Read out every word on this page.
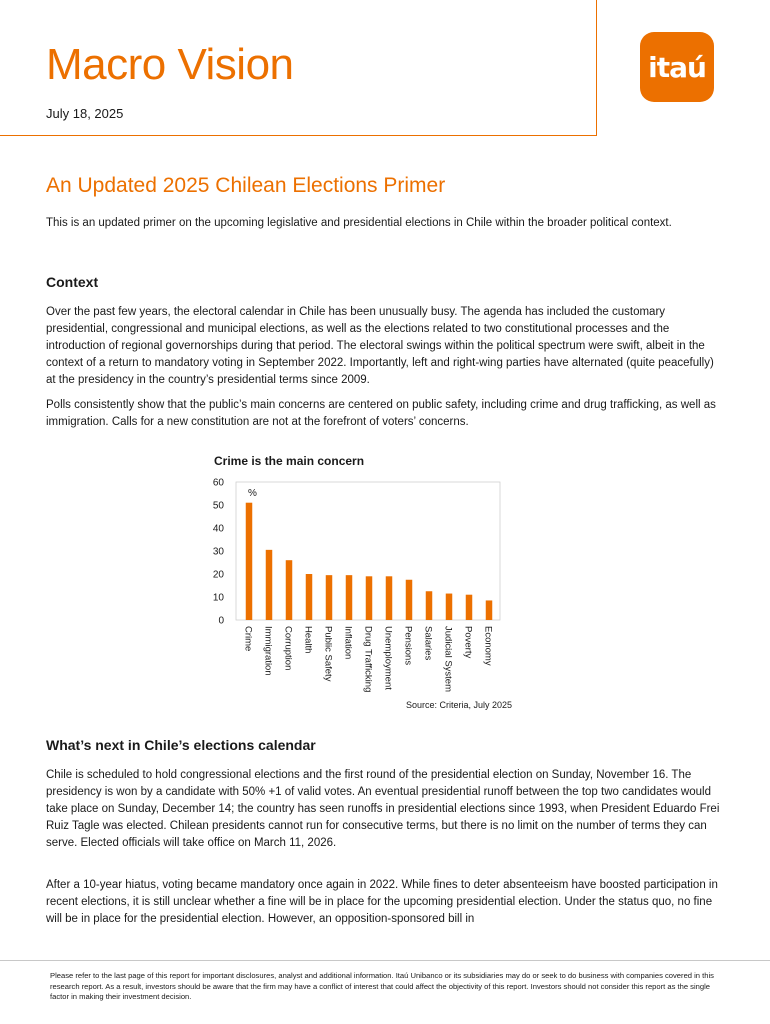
Macro Vision
July 18, 2025
itaú
An Updated 2025 Chilean Elections Primer
This is an updated primer on the upcoming legislative and presidential elections in Chile within the broader political context.
Context

Over the past few years, the electoral calendar in Chile has been unusually busy. The agenda has included the customary presidential, congressional and municipal elections, as well as the elections related to two constitutional processes and the introduction of regional governorships during that period. The electoral swings within the political spectrum were swift, albeit in the context of a return to mandatory voting in September 2022. Importantly, left and right-wing parties have alternated (quite peacefully) at the presidency in the country’s presidential terms since 2009.

Polls consistently show that the public’s main concerns are centered on public safety, including crime and drug trafficking, as well as immigration. Calls for a new constitution are not at the forefront of voters’ concerns.

Crime is the main concern
0
10
20
30
40
50
60
%
Crime Immigration Corruption Health Public Safety Inflation Drug Trafficking Unemployment Pensions Salaries Judicial System Poverty Economy
Source: Criteria, July 2025
What’s next in Chile’s elections calendar

Chile is scheduled to hold congressional elections and the first round of the presidential election on Sunday, November 16. The presidency is won by a candidate with 50% +1 of valid votes. An eventual presidential runoff between the top two candidates would take place on Sunday, December 14; the country has seen runoffs in presidential elections since 1993, when President Eduardo Frei Ruiz Tagle was elected. Chilean presidents cannot run for consecutive terms, but there is no limit on the number of terms they can serve. Elected officials will take office on March 11, 2026.

After a 10-year hiatus, voting became mandatory once again in 2022. While fines to deter absenteeism have boosted participation in recent elections, it is still unclear whether a fine will be in place for the upcoming presidential election. Under the status quo, no fine will be in place for the presidential election. However, an opposition-sponsored bill in

Please refer to the last page of this report for important disclosures, analyst and additional information. Itaú Unibanco or its subsidiaries may do or seek to do business with companies covered in this research report. As a result, investors should be aware that the firm may have a conflict of interest that could affect the objectivity of this report. Investors should not consider this report as the single factor in making their investment decision.
